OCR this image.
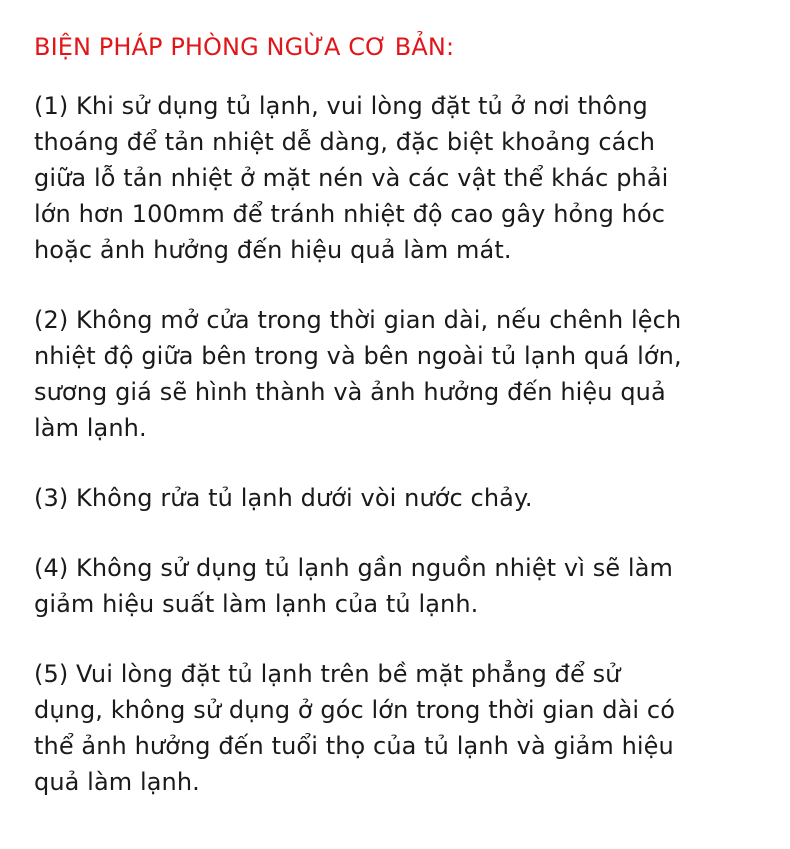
BIỆN PHÁP PHÒNG NGỪA CƠ BẢN:
(1) Khi sử dụng tủ lạnh, vui lòng đặt tủ ở nơi thông
thoáng để tản nhiệt dễ dàng, đặc biệt khoảng cách
giữa lỗ tản nhiệt ở mặt nén và các vật thể khác phải
lớn hơn 100mm để tránh nhiệt độ cao gây hỏng hóc
hoặc ảnh hưởng đến hiệu quả làm mát.
(2) Không mở cửa trong thời gian dài, nếu chênh lệch
nhiệt độ giữa bên trong và bên ngoài tủ lạnh quá lớn,
sương giá sẽ hình thành và ảnh hưởng đến hiệu quả
làm lạnh.
(3) Không rửa tủ lạnh dưới vòi nước chảy.
(4) Không sử dụng tủ lạnh gần nguồn nhiệt vì sẽ làm
giảm hiệu suất làm lạnh của tủ lạnh.
(5) Vui lòng đặt tủ lạnh trên bề mặt phẳng để sử
dụng, không sử dụng ở góc lớn trong thời gian dài có
thể ảnh hưởng đến tuổi thọ của tủ lạnh và giảm hiệu
quả làm lạnh.
